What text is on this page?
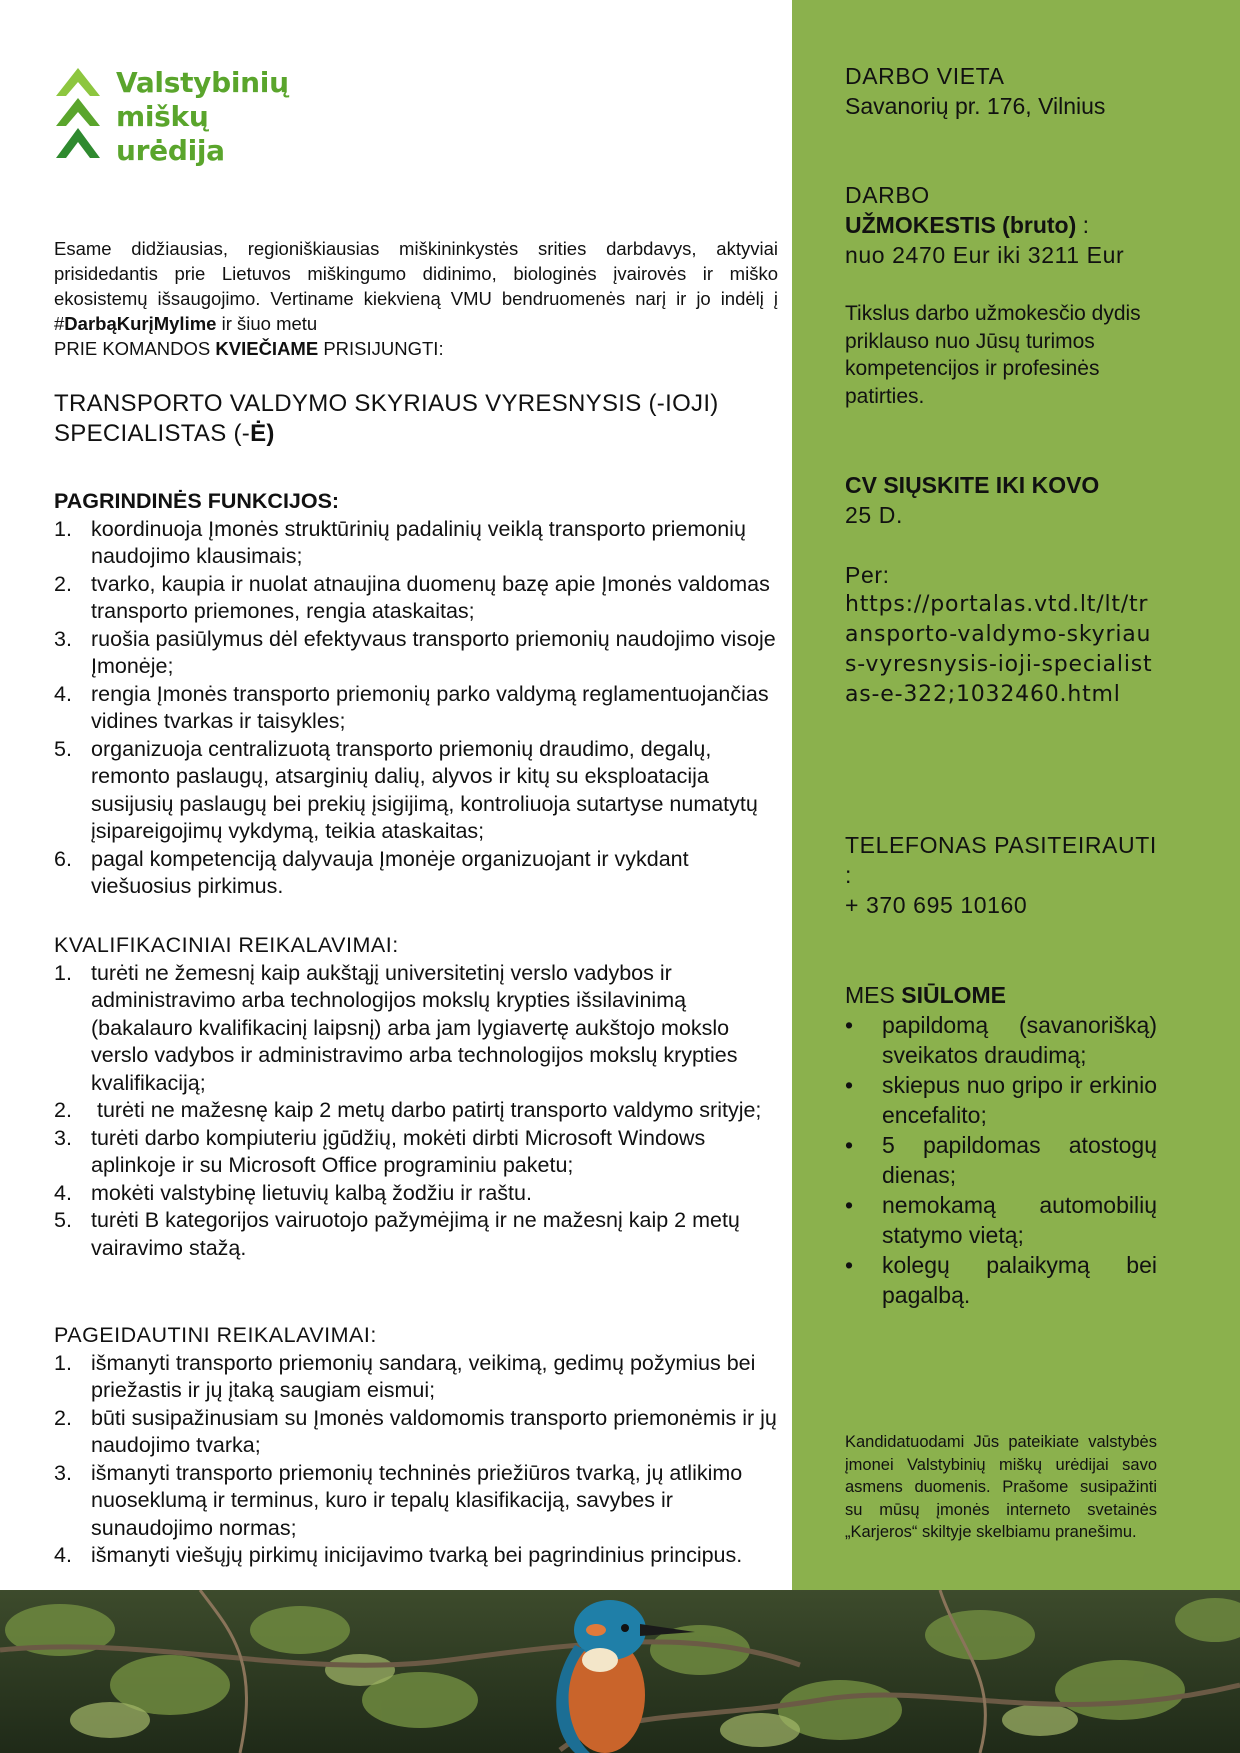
Valstybinių
miškų
urėdija

Esame didžiausias, regioniškiausias miškininkystės srities darbdavys, aktyviai prisidedantis prie Lietuvos miškingumo didinimo, biologinės įvairovės ir miško ekosistemų išsaugojimo. Vertiname kiekvieną VMU bendruomenės narį ir jo indėlį į #DarbąKurįMylime ir šiuo metu

PRIE KOMANDOS KVIEČIAME PRISIJUNGTI:

TRANSPORTO VALDYMO SKYRIAUS VYRESNYSIS (-IOJI) SPECIALISTAS (-Ė)
PAGRINDINĖS FUNKCIJOS:
1. koordinuoja Įmonės struktūrinių padalinių veiklą transporto priemonių naudojimo klausimais;
2. tvarko, kaupia ir nuolat atnaujina duomenų bazę apie Įmonės valdomas transporto priemones, rengia ataskaitas;
3. ruošia pasiūlymus dėl efektyvaus transporto priemonių naudojimo visoje Įmonėje;
4. rengia Įmonės transporto priemonių parko valdymą reglamentuojančias vidines tvarkas ir taisykles;
5. organizuoja centralizuotą transporto priemonių draudimo, degalų, remonto paslaugų, atsarginių dalių, alyvos ir kitų su eksploatacija susijusių paslaugų bei prekių įsigijimą, kontroliuoja sutartyse numatytų įsipareigojimų vykdymą, teikia ataskaitas;
6. pagal kompetenciją dalyvauja Įmonėje organizuojant ir vykdant viešuosius pirkimus.
KVALIFIKACINIAI REIKALAVIMAI:
1. turėti ne žemesnį kaip aukštąjį universitetinį verslo vadybos ir administravimo arba technologijos mokslų krypties išsilavinimą (bakalauro kvalifikacinį laipsnį) arba jam lygiavertę aukštojo mokslo verslo vadybos ir administravimo arba technologijos mokslų krypties kvalifikaciją;
2. turėti ne mažesnę kaip 2 metų darbo patirtį transporto valdymo srityje;
3. turėti darbo kompiuteriu įgūdžių, mokėti dirbti Microsoft Windows aplinkoje ir su Microsoft Office programiniu paketu;
4. mokėti valstybinę lietuvių kalbą žodžiu ir raštu.
5. turėti B kategorijos vairuotojo pažymėjimą ir ne mažesnį kaip 2 metų vairavimo stažą.
PAGEIDAUTINI REIKALAVIMAI:
1. išmanyti transporto priemonių sandarą, veikimą, gedimų požymius bei priežastis ir jų įtaką saugiam eismui;
2. būti susipažinusiam su Įmonės valdomomis transporto priemonėmis ir jų naudojimo tvarka;
3. išmanyti transporto priemonių techninės priežiūros tvarką, jų atlikimo nuoseklumą ir terminus, kuro ir tepalų klasifikaciją, savybes ir sunaudojimo normas;
4. išmanyti viešųjų pirkimų inicijavimo tvarką bei pagrindinius principus.

DARBO VIETA

Savanorių pr. 176, Vilnius

DARBO

UŽMOKESTIS (bruto) :

nuo 2470 Eur iki 3211 Eur

Tikslus darbo užmokesčio dydis priklauso nuo Jūsų turimos kompetencijos ir profesinės patirties.

CV SIŲSKITE IKI KOVO

25 D.

Per:

https://portalas.vtd.lt/lt/transporto-valdymo-skyriaus-vyresnysis-ioji-specialistas-e-322;1032460.html

TELEFONAS PASITEIRAUTI :

+ 370 695 10160

MES SIŪLOME

• papildomą (savanorišką) sveikatos draudimą;
• skiepus nuo gripo ir erkinio encefalito;
• 5 papildomas atostogų dienas;
• nemokamą automobilių statymo vietą;
• kolegų palaikymą bei pagalbą.
Kandidatuodami Jūs pateikiate valstybės įmonei Valstybinių miškų urėdijai savo asmens duomenis. Prašome susipažinti su mūsų įmonės interneto svetainės „Karjeros“ skiltyje skelbiamu pranešimu.
